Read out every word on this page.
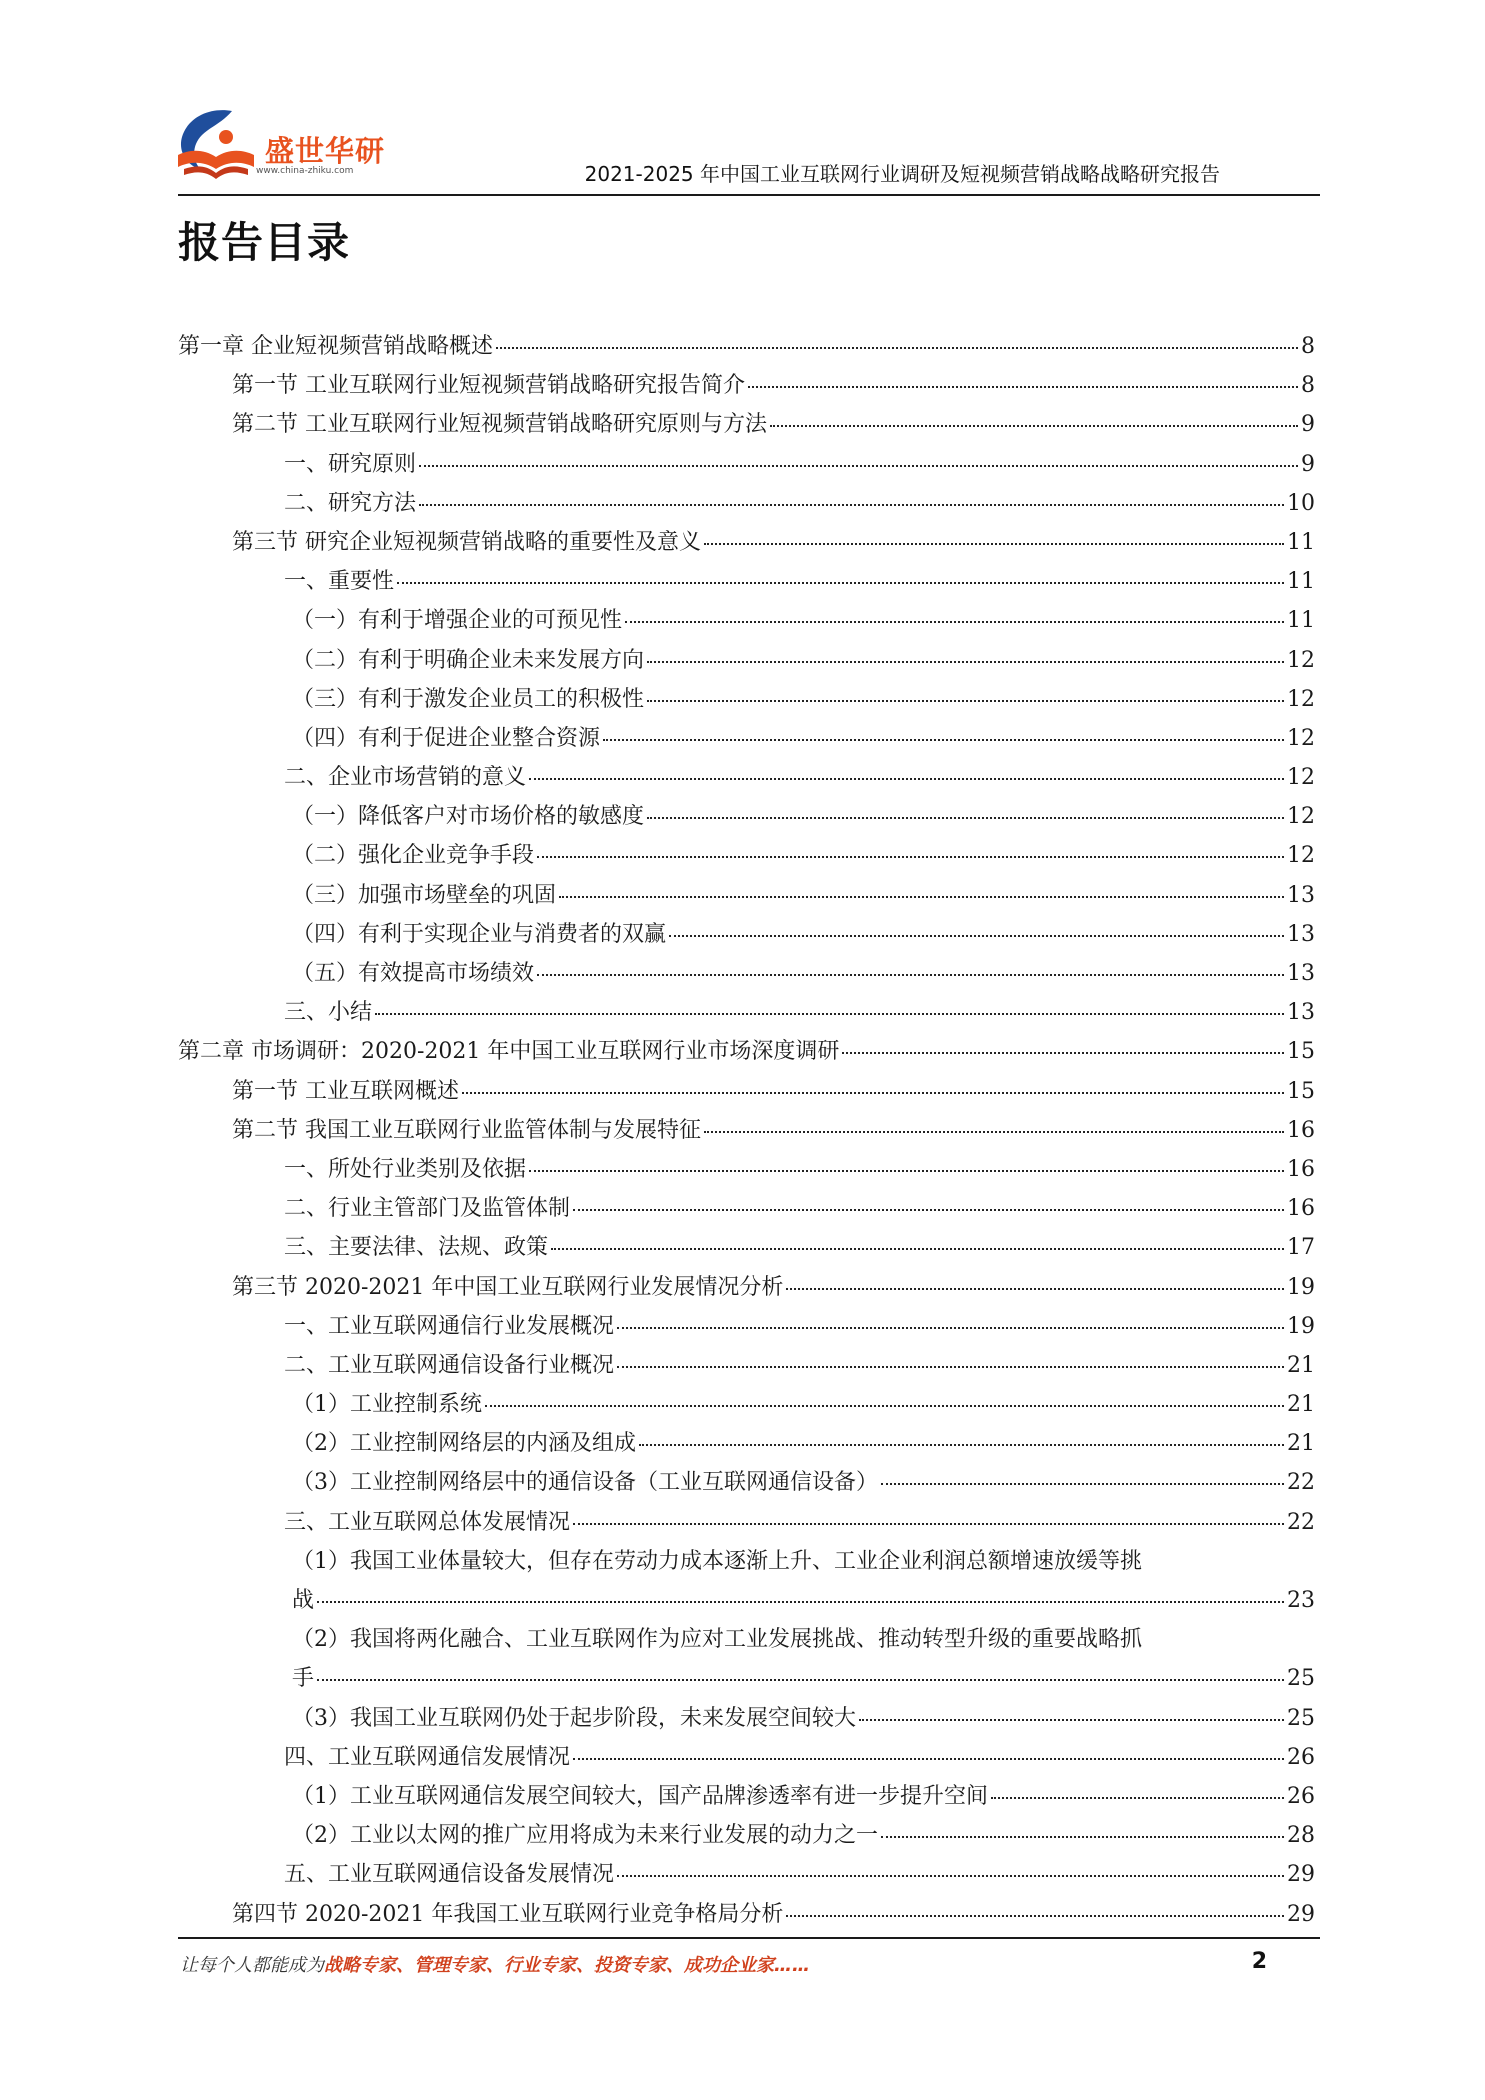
盛世华研
www.china-zhiku.com	2021-2025 年中国工业互联网行业调研及短视频营销战略战略研究报告
报告目录
第一章 企业短视频营销战略概述	8
第一节 工业互联网行业短视频营销战略研究报告简介	8
第二节 工业互联网行业短视频营销战略研究原则与方法	9
一、研究原则	9
二、研究方法	10
第三节 研究企业短视频营销战略的重要性及意义	11
一、重要性	11
（一）有利于增强企业的可预见性	11
（二）有利于明确企业未来发展方向	12
（三）有利于激发企业员工的积极性	12
（四）有利于促进企业整合资源	12
二、企业市场营销的意义	12
（一）降低客户对市场价格的敏感度	12
（二）强化企业竞争手段	12
（三）加强市场壁垒的巩固	13
（四）有利于实现企业与消费者的双赢	13
（五）有效提高市场绩效	13
三、小结	13
第二章 市场调研：2020-2021 年中国工业互联网行业市场深度调研	15
第一节 工业互联网概述	15
第二节 我国工业互联网行业监管体制与发展特征	16
一、所处行业类别及依据	16
二、行业主管部门及监管体制	16
三、主要法律、法规、政策	17
第三节 2020-2021 年中国工业互联网行业发展情况分析	19
一、工业互联网通信行业发展概况	19
二、工业互联网通信设备行业概况	21
（1）工业控制系统	21
（2）工业控制网络层的内涵及组成	21
（3）工业控制网络层中的通信设备（工业互联网通信设备）	22
三、工业互联网总体发展情况	22
（1）我国工业体量较大，但存在劳动力成本逐渐上升、工业企业利润总额增速放缓等挑
战	23
（2）我国将两化融合、工业互联网作为应对工业发展挑战、推动转型升级的重要战略抓
手	25
（3）我国工业互联网仍处于起步阶段，未来发展空间较大	25
四、工业互联网通信发展情况	26
（1）工业互联网通信发展空间较大，国产品牌渗透率有进一步提升空间	26
（2）工业以太网的推广应用将成为未来行业发展的动力之一	28
五、工业互联网通信设备发展情况	29
第四节 2020-2021 年我国工业互联网行业竞争格局分析	29
让每个人都能成为战略专家、管理专家、行业专家、投资专家、成功企业家……	2
